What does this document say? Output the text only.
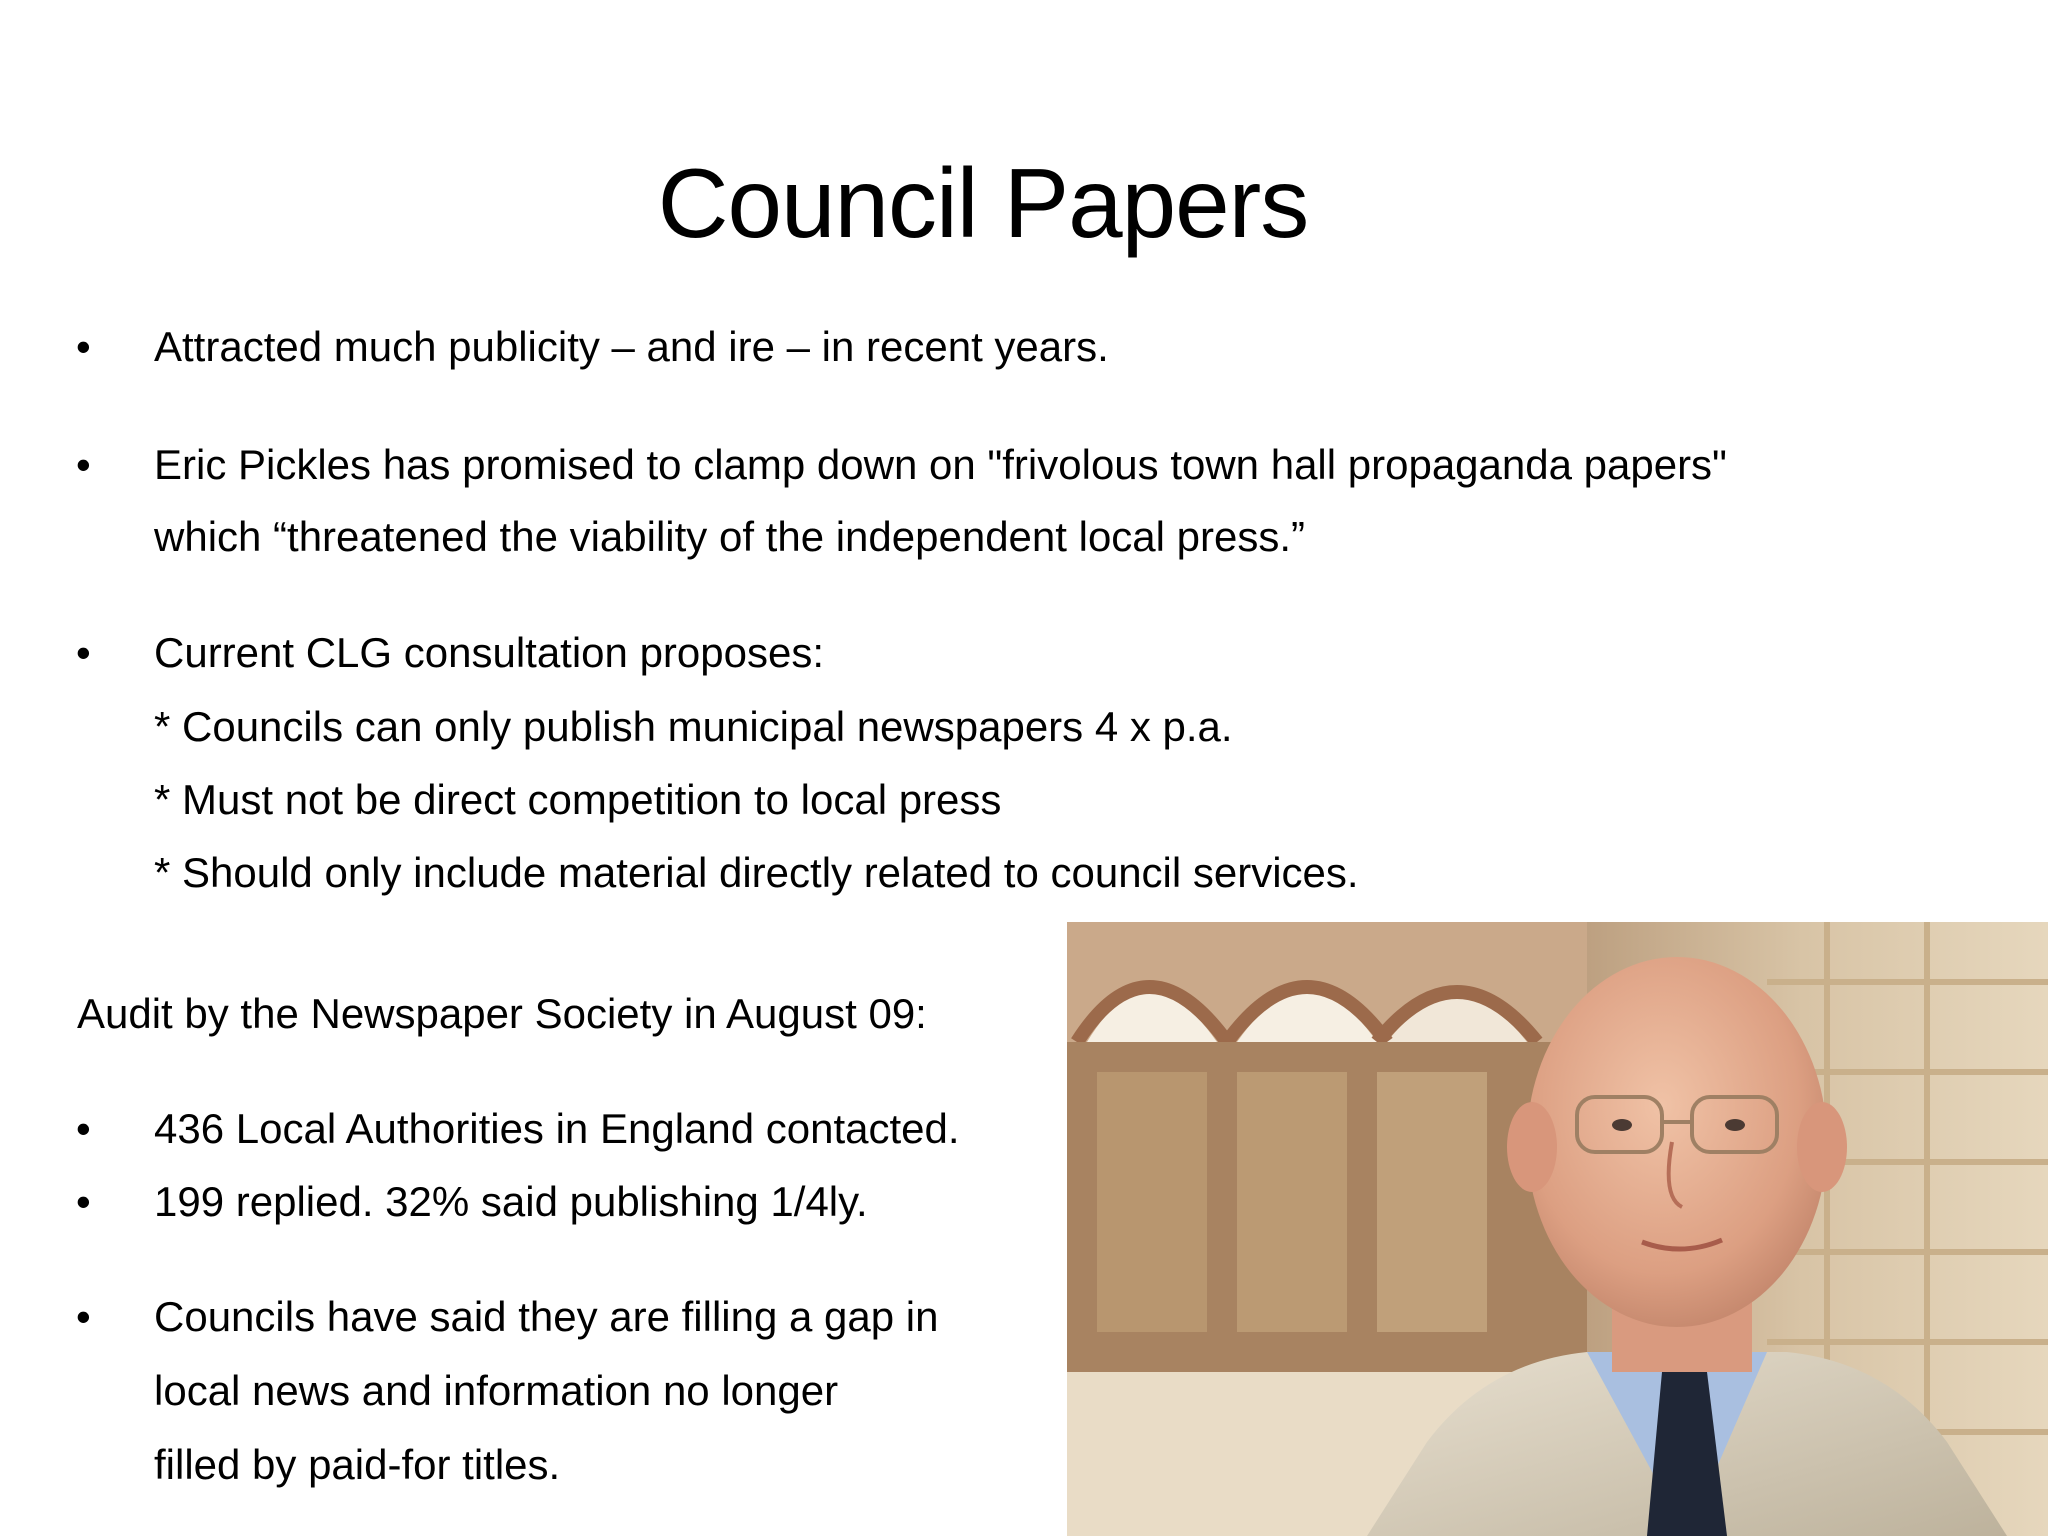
Council Papers
• Attracted much publicity – and ire – in recent years.
• Eric Pickles has promised to clamp down on "frivolous town hall propaganda papers"
which “threatened the viability of the independent local press.”
• Current CLG consultation proposes:
* Councils can only publish municipal newspapers 4 x p.a.
* Must not be direct competition to local press
* Should only include material directly related to council services.
Audit by the Newspaper Society in August 09:
• 436 Local Authorities in England contacted.
• 199 replied. 32% said publishing 1/4ly.
• Councils have said they are filling a gap in
local news and information no longer
filled by paid-for titles.
